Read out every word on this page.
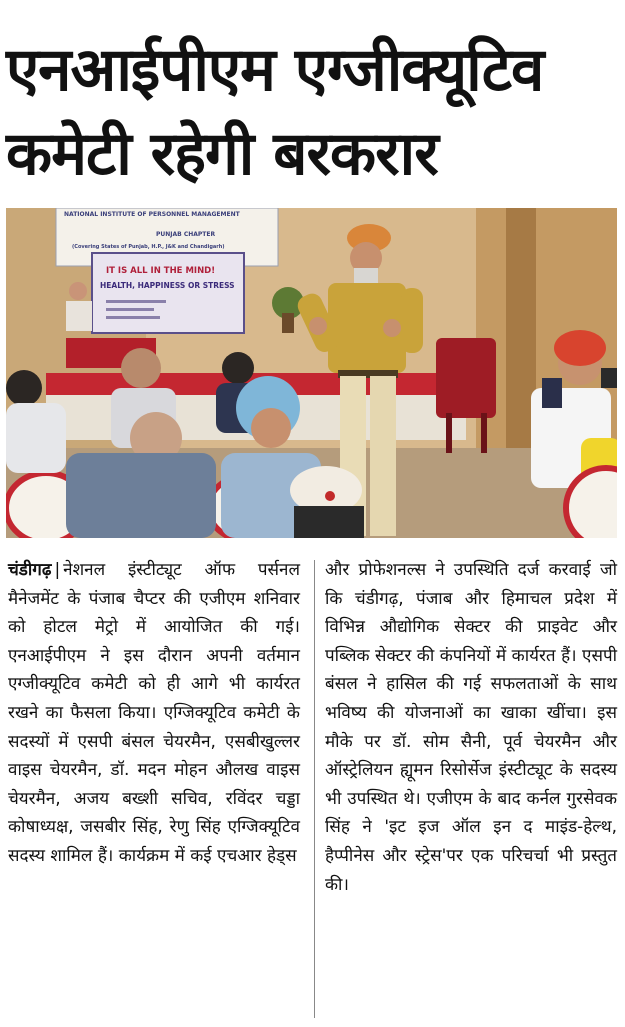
एनआईपीएम एग्जीक्यूटिव
कमेटी रहेगी बरकरार
NATIONAL INSTITUTE OF PERSONNEL MANAGEMENT
PUNJAB CHAPTER
(Covering States of Punjab, H.P., J&K and Chandigarh)
IT IS ALL IN THE MIND!
HEALTH, HAPPINESS OR STRESS
चंडीगढ़ | नेशनल इंस्टीट्यूट ऑफ पर्सनल मैनेजमेंट के पंजाब चैप्टर की एजीएम शनिवार को होटल मेट्रो में आयोजित की गई। एनआईपीएम ने इस दौरान अपनी वर्तमान एग्जीक्यूटिव कमेटी को ही आगे भी कार्यरत रखने का फैसला किया। एग्जिक्यूटिव कमेटी के सदस्यों में एसपी बंसल चेयरमैन, एसबीखुल्लर वाइस चेयरमैन, डॉ. मदन मोहन औलख वाइस चेयरमैन, अजय बख्शी सचिव, रविंदर चड्डा कोषाध्यक्ष, जसबीर सिंह, रेणु सिंह एग्जिक्यूटिव सदस्य शामिल हैं। कार्यक्रम में कई एचआर हेड्स
और प्रोफेशनल्स ने उपस्थिति दर्ज करवाई जो कि चंडीगढ़, पंजाब और हिमाचल प्रदेश में विभिन्न औद्योगिक सेक्टर की प्राइवेट और पब्लिक सेक्टर की कंपनियों में कार्यरत हैं। एसपी बंसल ने हासिल की गई सफलताओं के साथ भविष्य की योजनाओं का खाका खींचा। इस मौके पर डॉ. सोम सैनी, पूर्व चेयरमैन और ऑस्ट्रेलियन ह्यूमन रिसोर्सेज इंस्टीट्यूट के सदस्य भी उपस्थित थे। एजीएम के बाद कर्नल गुरसेवक सिंह ने 'इट इज ऑल इन द माइंड-हेल्थ, हैप्पीनेस और स्ट्रेस'पर एक परिचर्चा भी प्रस्तुत की।
